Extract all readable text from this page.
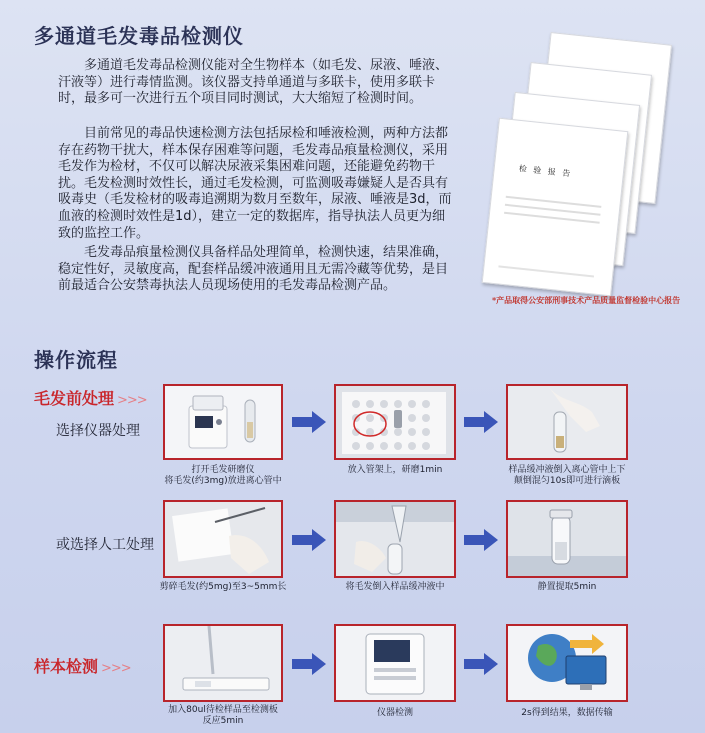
多通道毛发毒品检测仪

多通道毛发毒品检测仪能对全生物样本（如毛发、尿液、唾液、汗液等）进行毒情监测。该仪器支持单通道与多联卡，使用多联卡时，最多可一次进行五个项目同时测试，大大缩短了检测时间。

目前常见的毒品快速检测方法包括尿检和唾液检测，两种方法都存在药物干扰大，样本保存困难等问题，毛发毒品痕量检测仪，采用毛发作为检材，不仅可以解决尿液采集困难问题，还能避免药物干扰。毛发检测时效性长，通过毛发检测，可监测吸毒嫌疑人是否具有吸毒史（毛发检材的吸毒追溯期为数月至数年，尿液、唾液是3d，而血液的检测时效性是1d），建立一定的数据库，指导执法人员更为细致的监控工作。

毛发毒品痕量检测仪具备样品处理简单，检测快速，结果准确，稳定性好，灵敏度高，配套样品缓冲液通用且无需冷藏等优势，是目前最适合公安禁毒执法人员现场使用的毛发毒品检测产品。

检 验 报 告
*产品取得公安部刑事技术产品质量监督检验中心报告
操作流程
毛发前处理 >>>
选择仪器处理
或选择人工处理
打开毛发研磨仪
将毛发(约3mg)放进离心管中
放入管架上，研磨1min	样品缓冲液倒入离心管中上下
颠倒混匀10s即可进行滴板
剪碎毛发(约5mg)至3~5mm长	将毛发倒入样品缓冲液中	静置提取5min
样本检测 >>>
加入80ul待检样品至检测板
反应5min
仪器检测	2s得到结果，数据传输
